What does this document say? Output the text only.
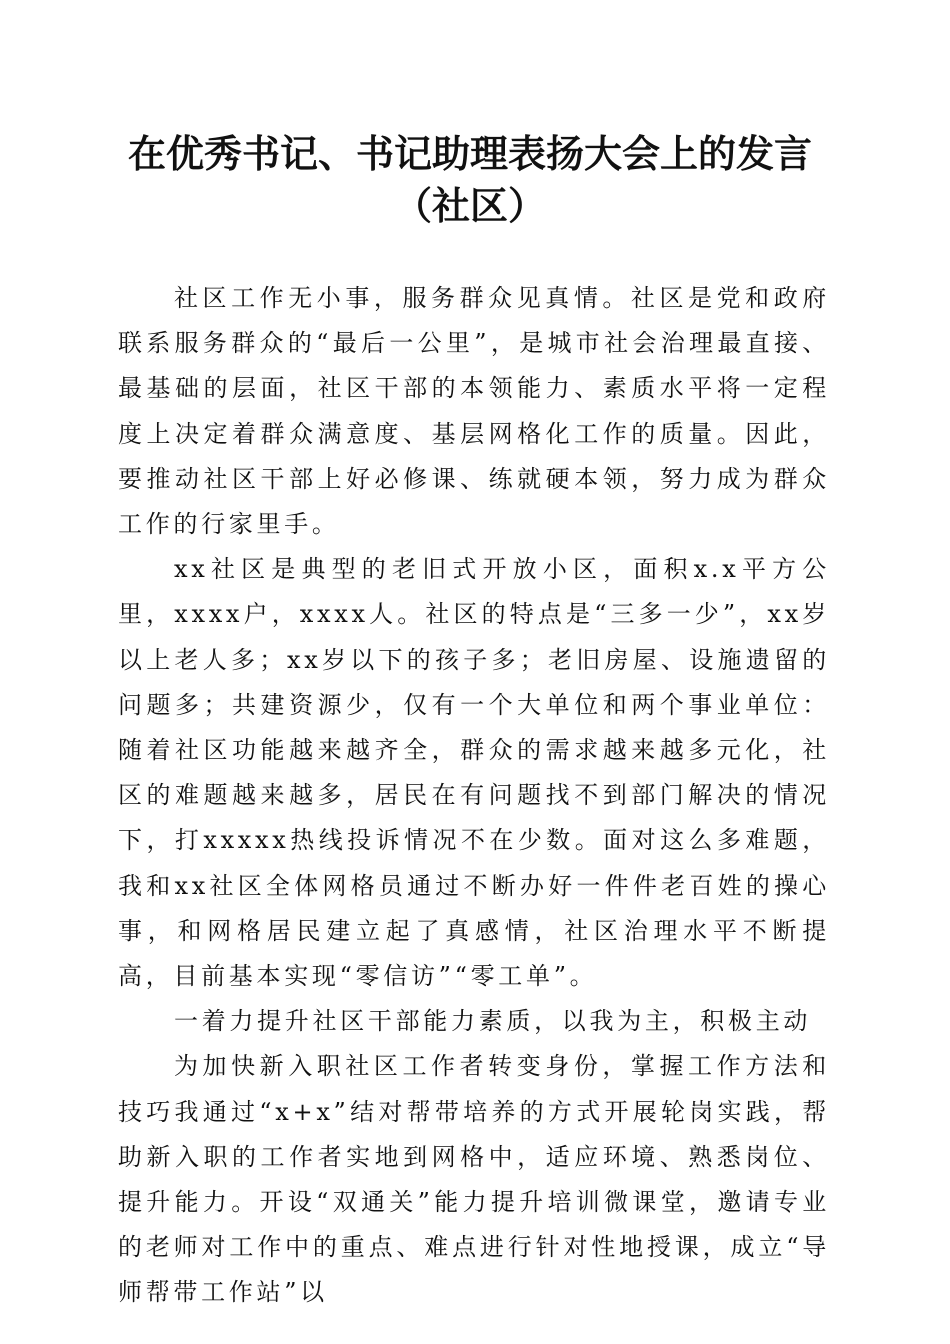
在优秀书记、书记助理表扬大会上的发言（社区）

社区工作无小事，服务群众见真情。社区是党和政府联系服务群众的“最后一公里”，是城市社会治理最直接、最基础的层面，社区干部的本领能力、素质水平将一定程度上决定着群众满意度、基层网格化工作的质量。因此，要推动社区干部上好必修课、练就硬本领，努力成为群众工作的行家里手。

xx社区是典型的老旧式开放小区，面积x.x平方公里，xxxx户，xxxx人。社区的特点是“三多一少”，xx岁以上老人多；xx岁以下的孩子多；老旧房屋、设施遗留的问题多；共建资源少，仅有一个大单位和两个事业单位：随着社区功能越来越齐全，群众的需求越来越多元化，社区的难题越来越多，居民在有问题找不到部门解决的情况下，打xxxxx热线投诉情况不在少数。面对这么多难题，我和xx社区全体网格员通过不断办好一件件老百姓的操心事，和网格居民建立起了真感情，社区治理水平不断提高，目前基本实现“零信访”“零工单”。

一着力提升社区干部能力素质，以我为主，积极主动

为加快新入职社区工作者转变身份，掌握工作方法和技巧我通过“x+x”结对帮带培养的方式开展轮岗实践，帮助新入职的工作者实地到网格中，适应环境、熟悉岗位、提升能力。开设“双通关”能力提升培训微课堂，邀请专业的老师对工作中的重点、难点进行针对性地授课，成立“导师帮带工作站”以
